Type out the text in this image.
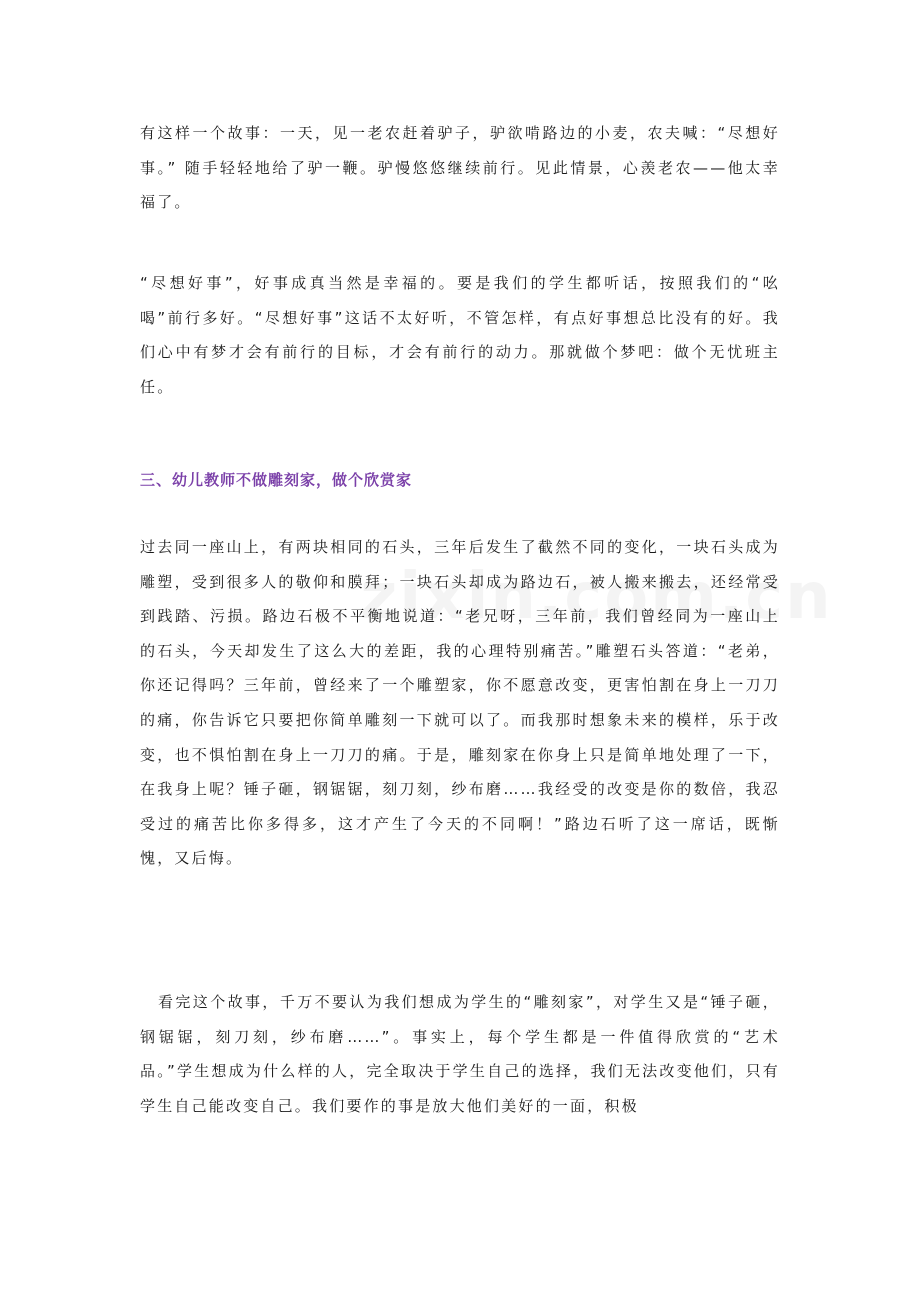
有这样一个故事：一天，见一老农赶着驴子，驴欲啃路边的小麦，农夫喊：“尽想好事。” 随手轻轻地给了驴一鞭。驴慢悠悠继续前行。见此情景，心羡老农——他太幸福了。

“尽想好事”，好事成真当然是幸福的。要是我们的学生都听话，按照我们的“吆喝”前行多好。“尽想好事”这话不太好听，不管怎样，有点好事想总比没有的好。我们心中有梦才会有前行的目标，才会有前行的动力。那就做个梦吧：做个无忧班主任。

三、幼儿教师不做雕刻家，做个欣赏家

过去同一座山上，有两块相同的石头，三年后发生了截然不同的变化，一块石头成为雕塑，受到很多人的敬仰和膜拜；一块石头却成为路边石，被人搬来搬去，还经常受到践踏、污损。路边石极不平衡地说道：“老兄呀，三年前，我们曾经同为一座山上的石头，今天却发生了这么大的差距，我的心理特别痛苦。”雕塑石头答道：“老弟，你还记得吗？三年前，曾经来了一个雕塑家，你不愿意改变，更害怕割在身上一刀刀的痛，你告诉它只要把你简单雕刻一下就可以了。而我那时想象未来的模样，乐于改变，也不惧怕割在身上一刀刀的痛。于是，雕刻家在你身上只是简单地处理了一下，在我身上呢？锤子砸，钢锯锯，刻刀刻，纱布磨……我经受的改变是你的数倍，我忍受过的痛苦比你多得多，这才产生了今天的不同啊！”路边石听了这一席话，既惭愧，又后悔。

看完这个故事，千万不要认为我们想成为学生的“雕刻家”，对学生又是“锤子砸，钢锯锯，刻刀刻，纱布磨……”。事实上，每个学生都是一件值得欣赏的“艺术品。”学生想成为什么样的人，完全取决于学生自己的选择，我们无法改变他们，只有学生自己能改变自己。我们要作的事是放大他们美好的一面，积极
